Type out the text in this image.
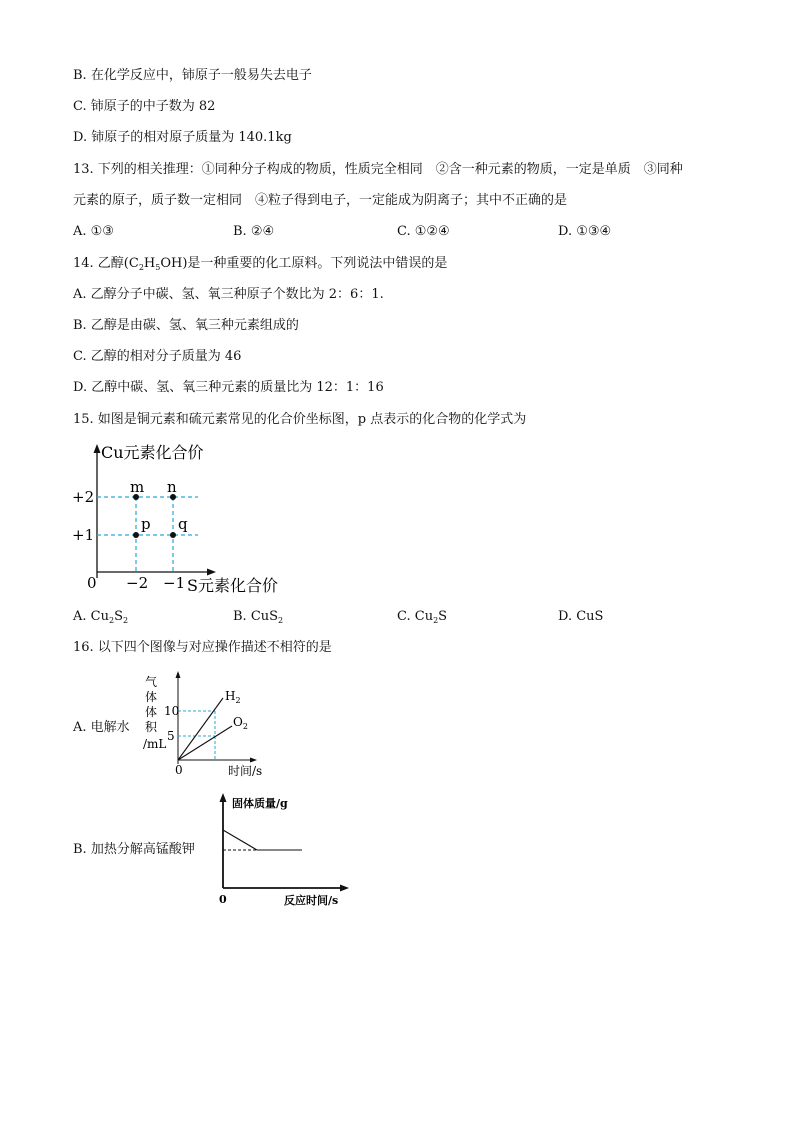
B. 在化学反应中，铈原子一般易失去电子
C. 铈原子的中子数为 82
D. 铈原子的相对原子质量为 140.1kg
13. 下列的相关推理：①同种分子构成的物质，性质完全相同　②含一种元素的物质，一定是单质　③同种
元素的原子，质子数一定相同　④粒子得到电子，一定能成为阴离子；其中不正确的是
A. ①③	B. ②④	C. ①②④	D. ①③④
14. 乙醇$(C_2H_5OH)$是一种重要的化工原料。下列说法中错误的是
A. 乙醇分子中碳、氢、氧三种原子个数比为 2：6：1.
B. 乙醇是由碳、氢、氧三种元素组成的
C. 乙醇的相对分子质量为 46
D. 乙醇中碳、氢、氧三种元素的质量比为 12：1：16
15. 如图是铜元素和硫元素常见的化合价坐标图，p 点表示的化合物的化学式为
Cu元素化合价
S元素化合价
0
+2
+1
−2 −1
m n
p q
A. $Cu_2S_2$	B. CuS$_2$	C. $Cu_2S$	D. CuS
16. 以下四个图像与对应操作描述不相符的是
A. 电解水
气
体
体
积
/mL
10
5
0	时间/s
$H_2$
$O_2$
B. 加热分解高锰酸钾
固体质量/g
0	反应时间/s
